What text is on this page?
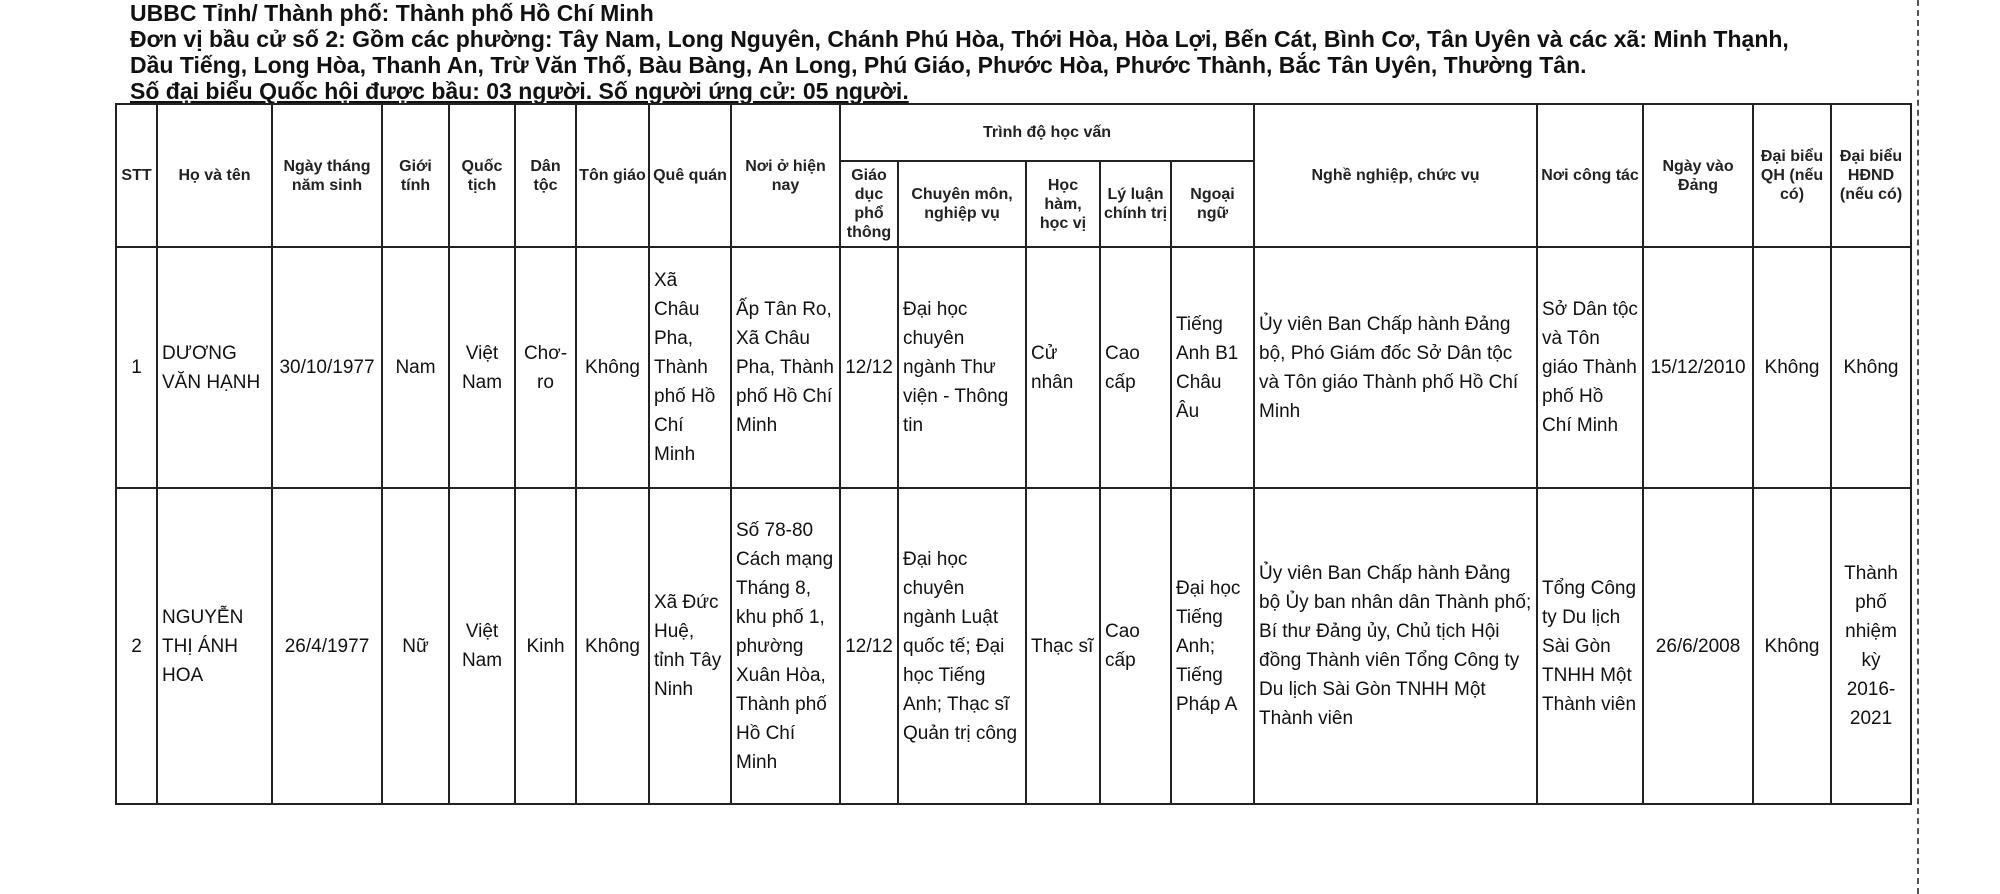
UBBC Tỉnh/ Thành phố: Thành phố Hồ Chí Minh
Đơn vị bầu cử số 2: Gồm các phường: Tây Nam, Long Nguyên, Chánh Phú Hòa, Thới Hòa, Hòa Lợi, Bến Cát, Bình Cơ, Tân Uyên và các xã: Minh Thạnh,
Dầu Tiếng, Long Hòa, Thanh An, Trừ Văn Thố, Bàu Bàng, An Long, Phú Giáo, Phước Hòa, Phước Thành, Bắc Tân Uyên, Thường Tân.
Số đại biểu Quốc hội được bầu: 03 người. Số người ứng cử: 05 người.
STT	Họ và tên	Ngày tháng năm sinh	Giới tính	Quốc tịch	Dân tộc	Tôn giáo	Quê quán	Nơi ở hiện nay	Trình độ học vấn					Nghề nghiệp, chức vụ	Nơi công tác	Ngày vào Đảng	Đại biểu QH (nếu có)	Đại biểu HĐND (nếu có)
									Giáo dục phổ thông	Chuyên môn, nghiệp vụ	Học hàm, học vị	Lý luận chính trị	Ngoại ngữ					
1	DƯƠNG VĂN HẠNH	30/10/1977	Nam	Việt Nam	Chơ-ro	Không	Xã Châu Pha, Thành phố Hồ Chí Minh	Ấp Tân Ro, Xã Châu Pha, Thành phố Hồ Chí Minh	12/12	Đại học chuyên ngành Thư viện - Thông tin	Cử nhân	Cao cấp	Tiếng Anh B1 Châu Âu	Ủy viên Ban Chấp hành Đảng bộ, Phó Giám đốc Sở Dân tộc và Tôn giáo Thành phố Hồ Chí Minh	Sở Dân tộc và Tôn giáo Thành phố Hồ Chí Minh	15/12/2010	Không	Không
2	NGUYỄN THỊ ÁNH HOA	26/4/1977	Nữ	Việt Nam	Kinh	Không	Xã Đức Huệ, tỉnh Tây Ninh	Số 78-80 Cách mạng Tháng 8, khu phố 1, phường Xuân Hòa, Thành phố Hồ Chí Minh	12/12	Đại học chuyên ngành Luật quốc tế; Đại học Tiếng Anh; Thạc sĩ Quản trị công	Thạc sĩ	Cao cấp	Đại học Tiếng Anh; Tiếng Pháp A	Ủy viên Ban Chấp hành Đảng bộ Ủy ban nhân dân Thành phố; Bí thư Đảng ủy, Chủ tịch Hội đồng Thành viên Tổng Công ty Du lịch Sài Gòn TNHH Một Thành viên	Tổng Công ty Du lịch Sài Gòn TNHH Một Thành viên	26/6/2008	Không	Thành phố nhiệm kỳ 2016-2021
